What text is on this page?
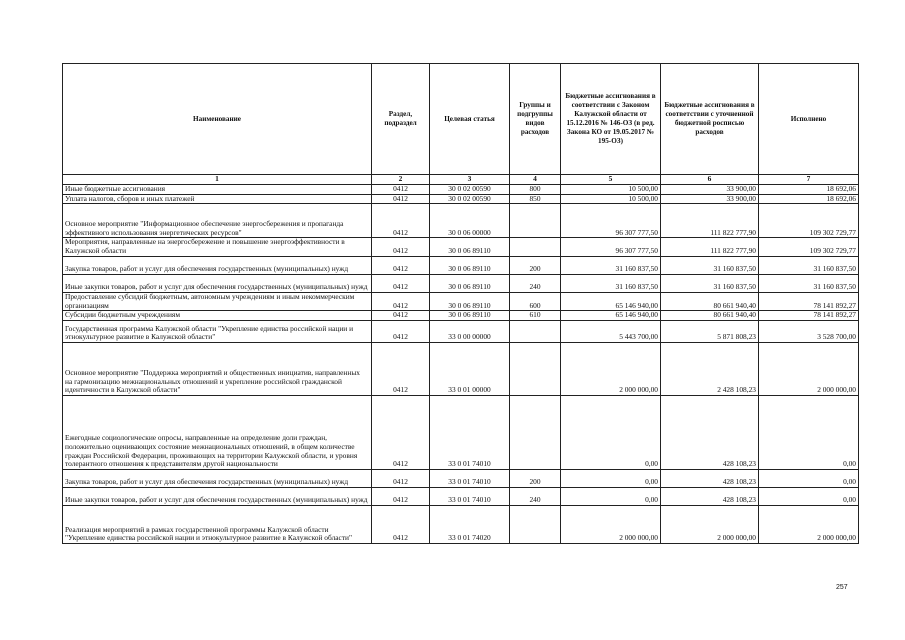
Наименование	Раздел, подраздел	Целевая статья	Группы и подгруппы видов расходов	Бюджетные ассигнования в соответствии с Законом Калужской области от 15.12.2016 № 146-ОЗ (в ред. Закона КО от 19.05.2017 № 195-ОЗ)	Бюджетные ассигнования в соответствии с уточненной бюджетной росписью расходов	Исполнено
1	2	3	4	5	6	7
Иные бюджетные ассигнования	0412	30 0 02 00590	800	10 500,00	33 900,00	18 692,06
Уплата налогов, сборов и иных платежей	0412	30 0 02 00590	850	10 500,00	33 900,00	18 692,06
Основное мероприятие "Информационное обеспечение энергосбережения и пропаганда эффективного использования энергетических ресурсов"	0412	30 0 06 00000		96 307 777,50	111 822 777,90	109 302 729,77
Мероприятия, направленные на энергосбережение и повышение энергоэффективности в Калужской области	0412	30 0 06 89110		96 307 777,50	111 822 777,90	109 302 729,77
Закупка товаров, работ и услуг для обеспечения государственных (муниципальных) нужд	0412	30 0 06 89110	200	31 160 837,50	31 160 837,50	31 160 837,50
Иные закупки товаров, работ и услуг для обеспечения государственных (муниципальных) нужд	0412	30 0 06 89110	240	31 160 837,50	31 160 837,50	31 160 837,50
Предоставление субсидий бюджетным, автономным учреждениям и иным некоммерческим организациям	0412	30 0 06 89110	600	65 146 940,00	80 661 940,40	78 141 892,27
Субсидии бюджетным учреждениям	0412	30 0 06 89110	610	65 146 940,00	80 661 940,40	78 141 892,27
Государственная программа Калужской области "Укрепление единства российской нации и этнокультурное развитие в Калужской области"	0412	33 0 00 00000		5 443 700,00	5 871 808,23	3 528 700,00
Основное мероприятие "Поддержка мероприятий и общественных инициатив, направленных на гармонизацию межнациональных отношений и укрепление российской гражданской идентичности в Калужской области"	0412	33 0 01 00000		2 000 000,00	2 428 108,23	2 000 000,00
Ежегодные социологические опросы, направленные на определение доли граждан, положительно оценивающих состояние межнациональных отношений, в общем количестве граждан Российской Федерации, проживающих на территории Калужской области, и уровня толерантного отношения к представителям другой национальности	0412	33 0 01 74010		0,00	428 108,23	0,00
Закупка товаров, работ и услуг для обеспечения государственных (муниципальных) нужд	0412	33 0 01 74010	200	0,00	428 108,23	0,00
Иные закупки товаров, работ и услуг для обеспечения государственных (муниципальных) нужд	0412	33 0 01 74010	240	0,00	428 108,23	0,00
Реализация мероприятий в рамках государственной программы Калужской области "Укрепление единства российской нации и этнокультурное развитие в Калужской области"	0412	33 0 01 74020		2 000 000,00	2 000 000,00	2 000 000,00
257
